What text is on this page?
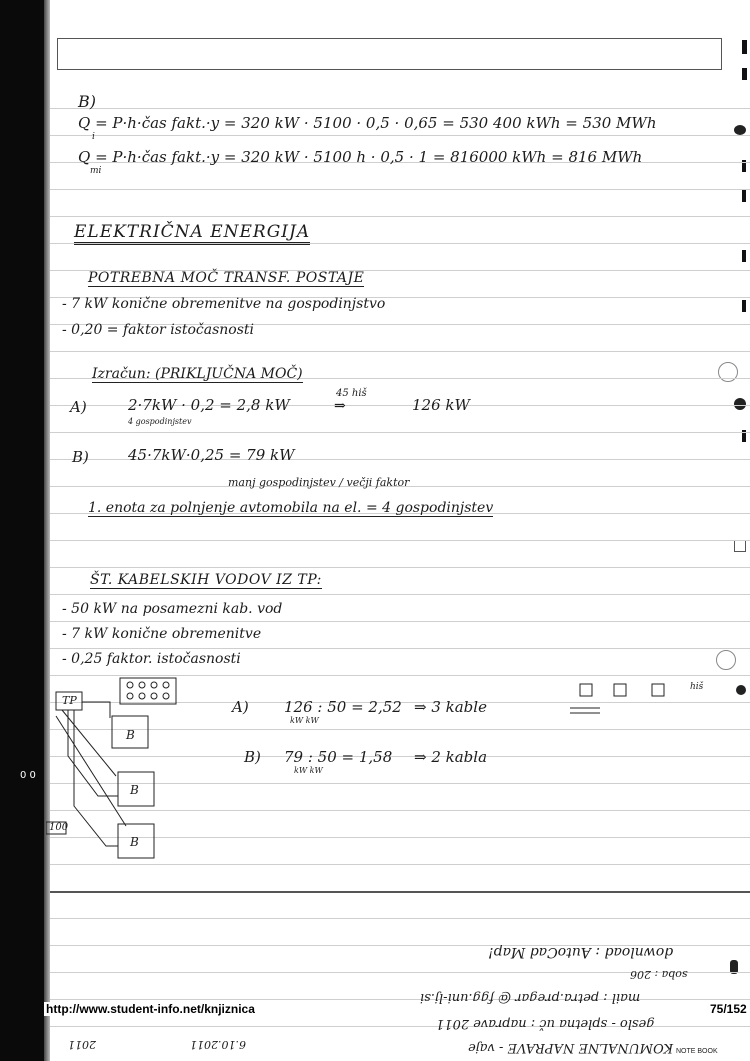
B)
Q = P·h·čas fakt.·y = 320 kW · 5100 · 0,5 · 0,65 = 530 400 kWh = 530 MWh
i
Q = P·h·čas fakt.·y = 320 kW · 5100 h · 0,5 · 1 = 816000 kWh = 816 MWh
mi
ELEKTRIČNA ENERGIJA
POTREBNA MOČ TRANSF. POSTAJE
- 7 kW konične obremenitve na gospodinjstvo
- 0,20 = faktor istočasnosti
Izračun: (PRIKLJUČNA MOČ)
A)	2·7kW · 0,2 = 2,8 kW
4 gospodinjstev
45 hiš
⇒	126 kW
B)	45·7kW·0,25 = 79 kW
manj gospodinjstev / večji faktor
1. enota za polnjenje avtomobila na el. = 4 gospodinjstev
ŠT. KABELSKIH VODOV IZ TP:
- 50 kW na posamezni kab. vod
- 7 kW konične obremenitve
- 0,25 faktor. istočasnosti
A) 126 : 50 = 2,52
kW kW
⇒ 3 kable
B) 79 : 50 = 1,58
kW kW
⇒ 2 kabla
hiš
TP
B
B
B
100
0 0
download : AutoCad Map!
soba : 206
mail : petra.pregar @ fgg.uni-lj.si
geslo - spletna uč : naprave 2011
KOMUNALNE NAPRAVE - vaje
2011	6.10.2011
http://www.student-info.net/knjiznica	75/152
NOTE BOOK
